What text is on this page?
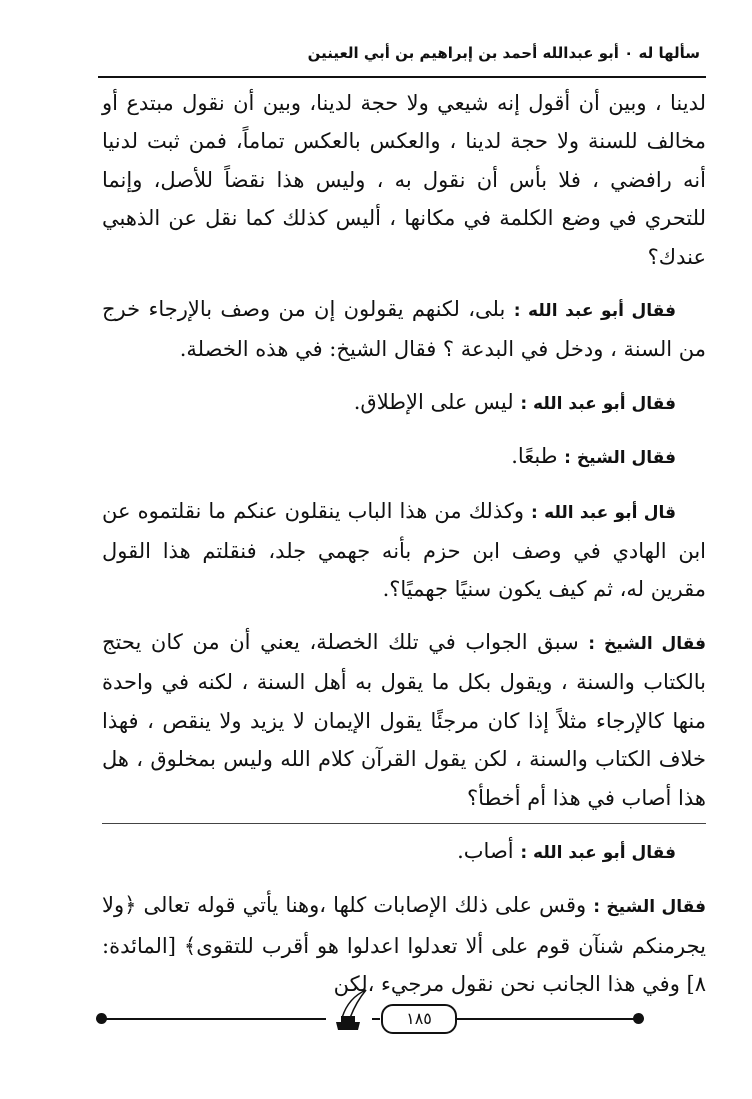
سألها له ٠ أبو عبدالله أحمد بن إبراهيم بن أبي العينين

لدينا ، وبين أن أقول إنه شيعي ولا حجة لدينا، وبين أن نقول مبتدع أو مخالف للسنة ولا حجة لدينا ، والعكس بالعكس تماماً، فمن ثبت لدنيا أنه رافضي ، فلا بأس أن نقول به ، وليس هذا نقضاً للأصل، وإنما للتحري في وضع الكلمة في مكانها ، أليس كذلك كما نقل عن الذهبي عندك؟

فقال أبو عبد الله : بلى، لكنهم يقولون إن من وصف بالإرجاء خرج من السنة ، ودخل في البدعة ؟ فقال الشيخ: في هذه الخصلة.

فقال أبو عبد الله : ليس على الإطلاق.

فقال الشيخ : طبعًا.

قال أبو عبد الله : وكذلك من هذا الباب ينقلون عنكم ما نقلتموه عن ابن الهادي في وصف ابن حزم بأنه جهمي جلد، فنقلتم هذا القول مقرين له، ثم كيف يكون سنيًا جهميًا؟.

فقال الشيخ : سبق الجواب في تلك الخصلة، يعني أن من كان يحتج بالكتاب والسنة ، ويقول بكل ما يقول به أهل السنة ، لكنه في واحدة منها كالإرجاء مثلاً إذا كان مرجئًا يقول الإيمان لا يزيد ولا ينقص ، فهذا خلاف الكتاب والسنة ، لكن يقول القرآن كلام الله وليس بمخلوق ، هل هذا أصاب في هذا أم أخطأ؟

فقال أبو عبد الله : أصاب.

فقال الشيخ : وقس على ذلك الإصابات كلها ،وهنا يأتي قوله تعالى ﴿ولا يجرمنكم شنآن قوم على ألا تعدلوا اعدلوا هو أقرب للتقوى﴾ [المائدة: ٨] وفي هذا الجانب نحن نقول مرجيء ،لكن

١٨٥
